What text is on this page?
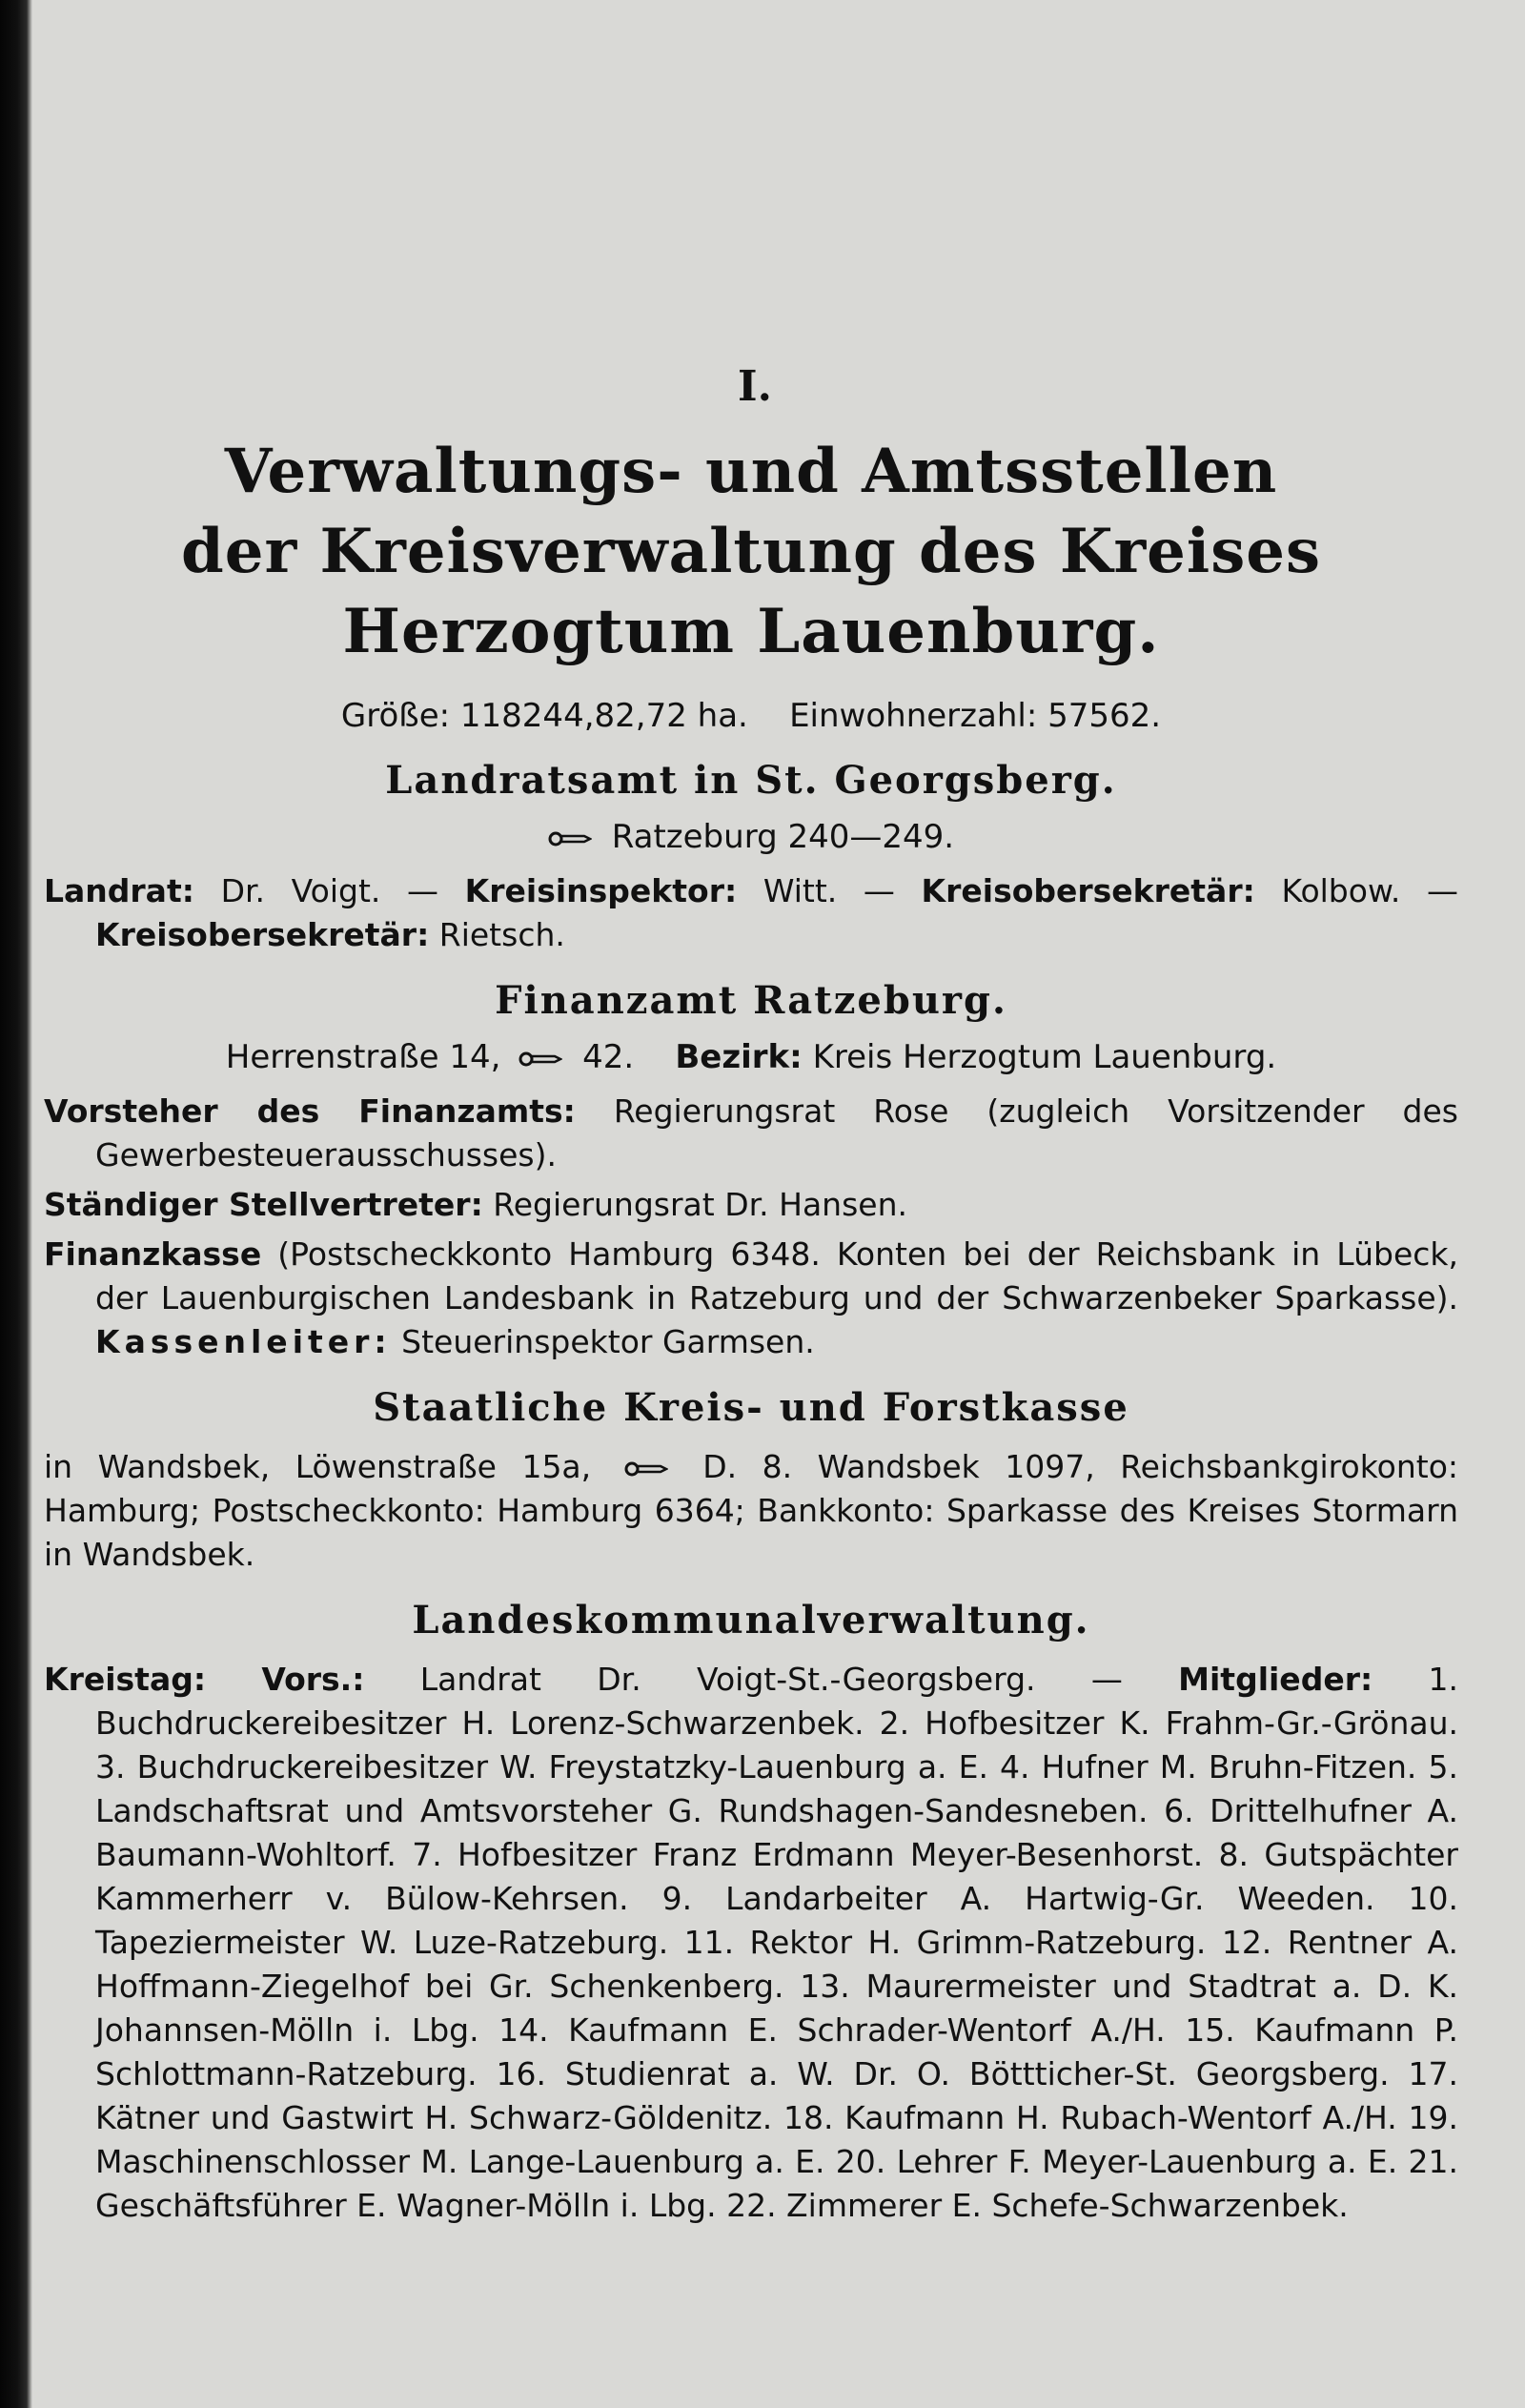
I.
Verwaltungs- und Amtsstellen
der Kreisverwaltung des Kreises
Herzogtum Lauenburg.
Größe: 118244,82,72 ha. Einwohnerzahl: 57562.
Landratsamt in St. Georgsberg.
Ratzeburg 240—249.
Landrat: Dr. Voigt. — Kreisinspektor: Witt. — Kreisobersekretär: Kolbow. — Kreisobersekretär: Rietsch.
Finanzamt Ratzeburg.
Herrenstraße 14,	42. Bezirk: Kreis Herzogtum Lauenburg.
Vorsteher des Finanzamts: Regierungsrat Rose (zugleich Vorsitzender des Gewerbesteuerausschusses).
Ständiger Stellvertreter: Regierungsrat Dr. Hansen.
Finanzkasse (Postscheckkonto Hamburg 6348. Konten bei der Reichsbank in Lübeck, der Lauenburgischen Landesbank in Ratzeburg und der Schwarzenbeker Sparkasse). Kassenleiter: Steuerinspektor Garmsen.
Staatliche Kreis- und Forstkasse
in Wandsbek, Löwenstraße 15a,	D. 8. Wandsbek 1097, Reichsbankgirokonto: Hamburg; Postscheckkonto: Hamburg 6364; Bankkonto: Sparkasse des Kreises Stormarn in Wandsbek.
Landeskommunalverwaltung.
Kreistag: Vors.: Landrat Dr. Voigt-St.-Georgsberg. — Mitglieder: 1. Buchdruckereibesitzer H. Lorenz-Schwarzenbek. 2. Hofbesitzer K. Frahm-Gr.-Grönau. 3. Buchdruckereibesitzer W. Freystatzky-Lauenburg a. E. 4. Hufner M. Bruhn-Fitzen. 5. Landschaftsrat und Amtsvorsteher G. Rundshagen-Sandesneben. 6. Drittelhufner A. Baumann-Wohltorf. 7. Hofbesitzer Franz Erdmann Meyer-Besenhorst. 8. Gutspächter Kammerherr v. Bülow-Kehrsen. 9. Landarbeiter A. Hartwig-Gr. Weeden. 10. Tapeziermeister W. Luze-Ratzeburg. 11. Rektor H. Grimm-Ratzeburg. 12. Rentner A. Hoffmann-Ziegelhof bei Gr. Schenkenberg. 13. Maurermeister und Stadtrat a. D. K. Johannsen-Mölln i. Lbg. 14. Kaufmann E. Schrader-Wentorf A./H. 15. Kaufmann P. Schlottmann-Ratzeburg. 16. Studienrat a. W. Dr. O. Böttticher-St. Georgsberg. 17. Kätner und Gastwirt H. Schwarz-Göldenitz. 18. Kaufmann H. Rubach-Wentorf A./H. 19. Maschinenschlosser M. Lange-Lauenburg a. E. 20. Lehrer F. Meyer-Lauenburg a. E. 21. Geschäftsführer E. Wagner-Mölln i. Lbg. 22. Zimmerer E. Schefe-Schwarzenbek.
